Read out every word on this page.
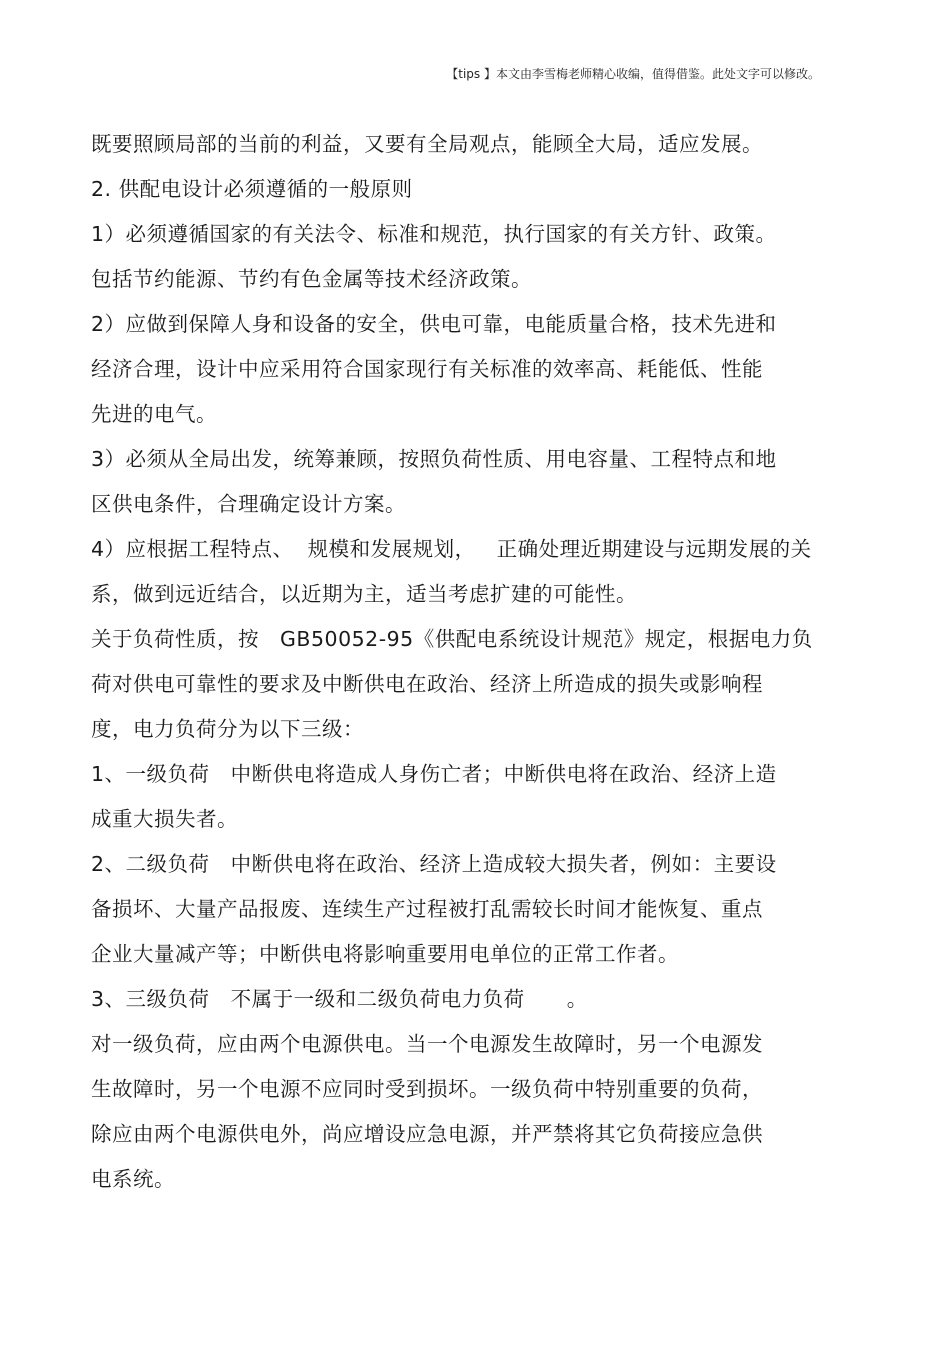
【tips 】本文由李雪梅老师精心收编，值得借鉴。此处文字可以修改。
既要照顾局部的当前的利益，又要有全局观点，能顾全大局，适应发展。
2. 供配电设计必须遵循的一般原则
1）必须遵循国家的有关法令、标准和规范，执行国家的有关方针、政策。
包括节约能源、节约有色金属等技术经济政策。
2）应做到保障人身和设备的安全，供电可靠，电能质量合格，技术先进和
经济合理，设计中应采用符合国家现行有关标准的效率高、耗能低、性能
先进的电气。
3）必须从全局出发，统筹兼顾，按照负荷性质、用电容量、工程特点和地
区供电条件，合理确定设计方案。
4）应根据工程特点、  规模和发展规划，   正确处理近期建设与远期发展的关
系，做到远近结合，以近期为主，适当考虑扩建的可能性。
关于负荷性质，按   GB50052-95《供配电系统设计规范》规定，根据电力负
荷对供电可靠性的要求及中断供电在政治、经济上所造成的损失或影响程
度，电力负荷分为以下三级：
1、一级负荷   中断供电将造成人身伤亡者；中断供电将在政治、经济上造
成重大损失者。
2、二级负荷   中断供电将在政治、经济上造成较大损失者，例如：主要设
备损坏、大量产品报废、连续生产过程被打乱需较长时间才能恢复、重点
企业大量减产等；中断供电将影响重要用电单位的正常工作者。
3、三级负荷   不属于一级和二级负荷电力负荷      。
对一级负荷，应由两个电源供电。当一个电源发生故障时，另一个电源发
生故障时，另一个电源不应同时受到损坏。一级负荷中特别重要的负荷，
除应由两个电源供电外，尚应增设应急电源，并严禁将其它负荷接应急供
电系统。
